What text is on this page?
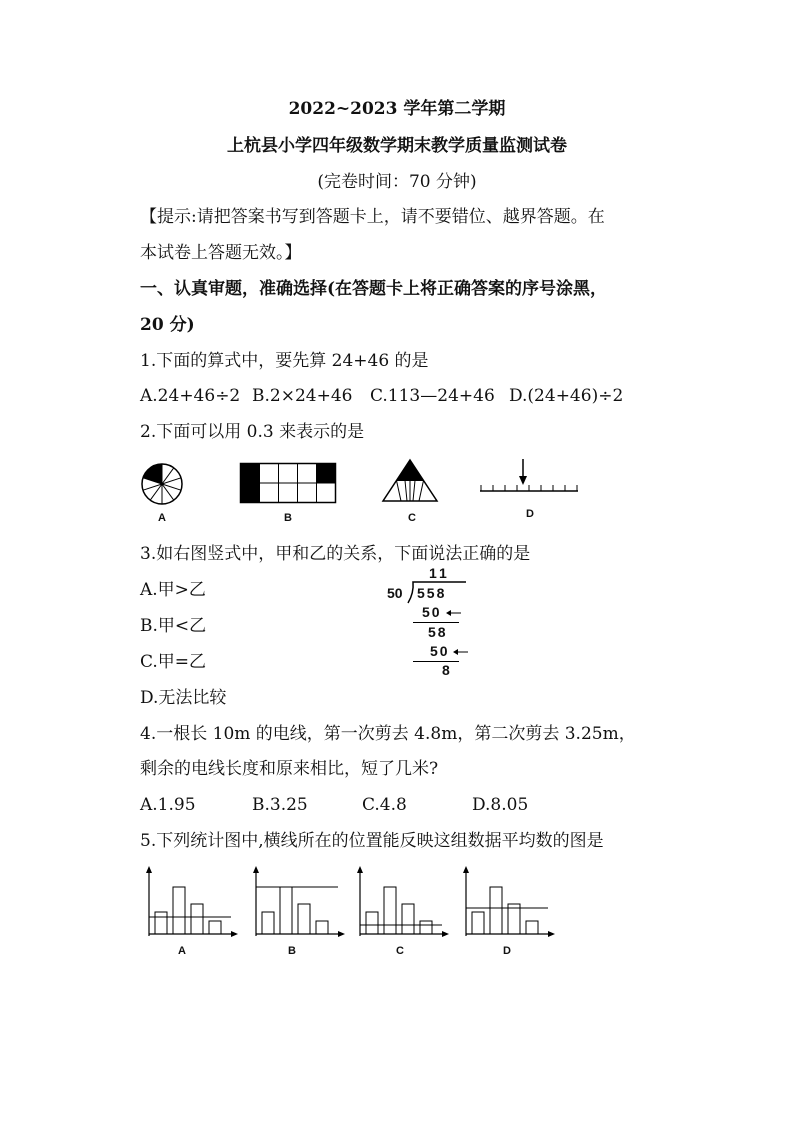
2022~2023 学年第二学期
上杭县小学四年级数学期末教学质量监测试卷
(完卷时间：70 分钟)
【提示:请把答案书写到答题卡上，请不要错位、越界答题。在
本试卷上答题无效。】
一、认真审题，准确选择(在答题卡上将正确答案的序号涂黑，
20 分)
1.下面的算式中，要先算 24+46 的是
A.24+46÷2 B.2×24+46 C.113—24+46 D.(24+46)÷2
2.下面可以用 0.3 来表示的是
A	B	C	D
3.如右图竖式中，甲和乙的关系，下面说法正确的是
A.甲>乙
B.甲<乙
C.甲=乙
D.无法比较
11
50 558
50
58
50
8
4.一根长 10m 的电线，第一次剪去 4.8m，第二次剪去 3.25m，
剩余的电线长度和原来相比，短了几米?
A.1.95	B.3.25	C.4.8	D.8.05
5.下列统计图中,横线所在的位置能反映这组数据平均数的图是
A	B	C	D
